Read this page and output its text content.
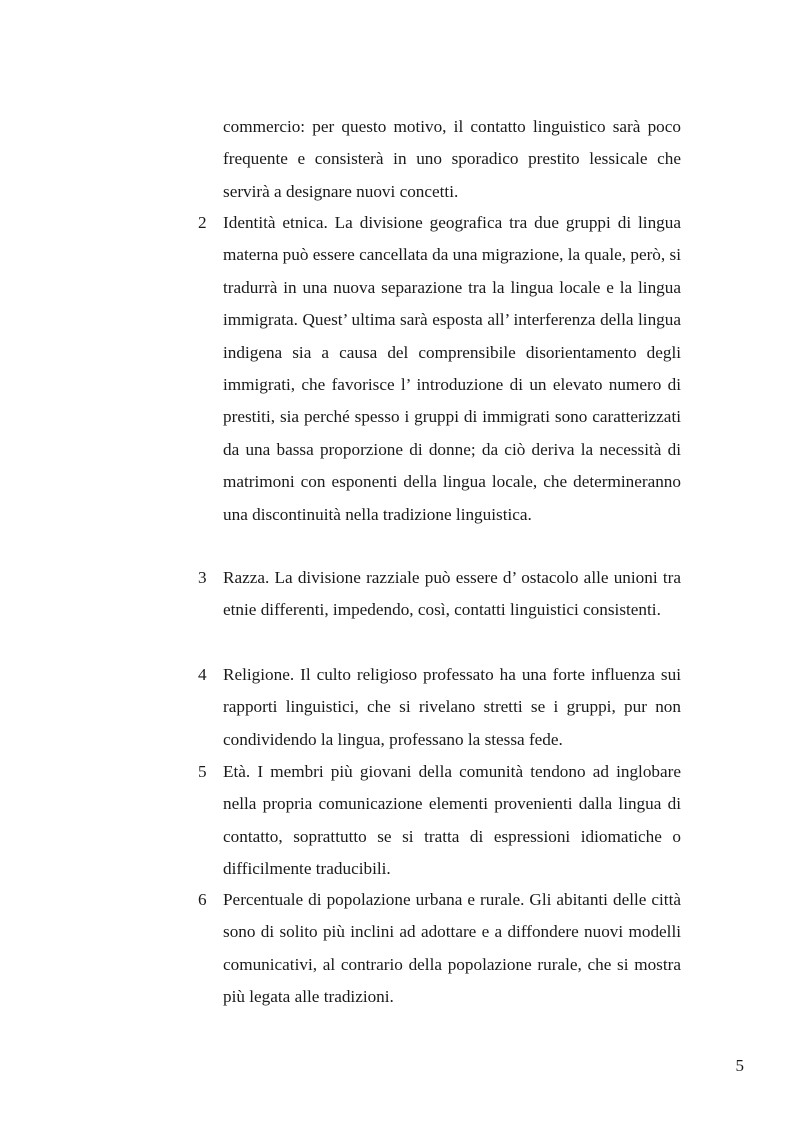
commercio: per questo motivo, il contatto linguistico sarà poco frequente e consisterà in uno sporadico prestito lessicale che servirà a designare nuovi concetti.

2 Identità etnica. La divisione geografica tra due gruppi di lingua materna può essere cancellata da una migrazione, la quale, però, si tradurrà in una nuova separazione tra la lingua locale e la lingua immigrata. Quest’ ultima sarà esposta all’ interferenza della lingua indigena sia a causa del comprensibile disorientamento degli immigrati, che favorisce l’ introduzione di un elevato numero di prestiti, sia perché spesso i gruppi di immigrati sono caratterizzati da una bassa proporzione di donne; da ciò deriva la necessità di matrimoni con esponenti della lingua locale, che determineranno una discontinuità nella tradizione linguistica.

3 Razza. La divisione razziale può essere d’ ostacolo alle unioni tra etnie differenti, impedendo, così, contatti linguistici consistenti.

4 Religione. Il culto religioso professato ha una forte influenza sui rapporti linguistici, che si rivelano stretti se i gruppi, pur non condividendo la lingua, professano la stessa fede.

5 Età. I membri più giovani della comunità tendono ad inglobare nella propria comunicazione elementi provenienti dalla lingua di contatto, soprattutto se si tratta di espressioni idiomatiche o difficilmente traducibili.

6 Percentuale di popolazione urbana e rurale. Gli abitanti delle città sono di solito più inclini ad adottare e a diffondere nuovi modelli comunicativi, al contrario della popolazione rurale, che si mostra più legata alle tradizioni.

5
